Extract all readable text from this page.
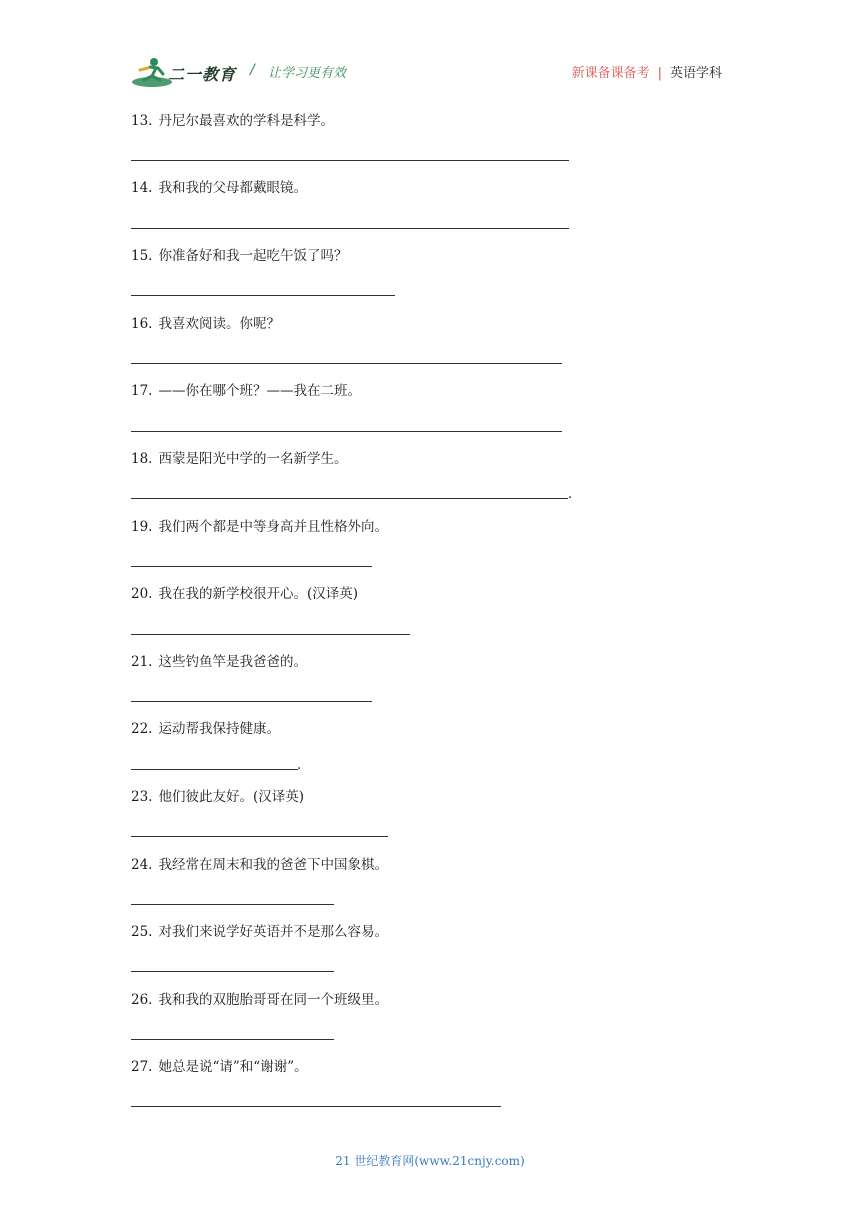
二一教育 / 让学习更有效	新课备课备考 | 英语学科
13. 丹尼尔最喜欢的学科是科学。
14. 我和我的父母都戴眼镜。
15. 你准备好和我一起吃午饭了吗？
16. 我喜欢阅读。你呢？
17. ——你在哪个班？——我在二班。
18. 西蒙是阳光中学的一名新学生。
.
19. 我们两个都是中等身高并且性格外向。
20. 我在我的新学校很开心。(汉译英)
21. 这些钓鱼竿是我爸爸的。
22. 运动帮我保持健康。
.
23. 他们彼此友好。(汉译英)
24. 我经常在周末和我的爸爸下中国象棋。
25. 对我们来说学好英语并不是那么容易。
26. 我和我的双胞胎哥哥在同一个班级里。
27. 她总是说“请”和“谢谢”。
21 世纪教育网(www.21cnjy.com)
